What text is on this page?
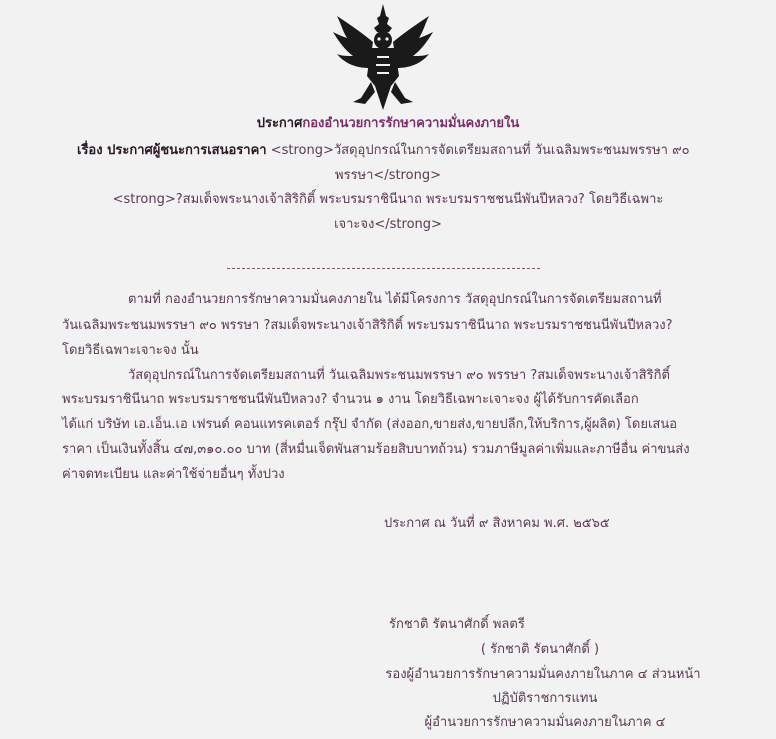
ประกาศกองอำนวยการรักษาความมั่นคงภายใน
เรื่อง ประกาศผู้ชนะการเสนอราคา <strong>วัสดุอุปกรณ์ในการจัดเตรียมสถานที่ วันเฉลิมพระชนมพรรษา ๙๐
พรรษา</strong>
<strong>?สมเด็จพระนางเจ้าสิริกิติ์ พระบรมราชินีนาถ พระบรมราชชนนีพันปีหลวง? โดยวิธีเฉพาะ
เจาะจง</strong>
ตามที่ กองอำนวยการรักษาความมั่นคงภายใน ได้มีโครงการ วัสดุอุปกรณ์ในการจัดเตรียมสถานที่
วันเฉลิมพระชนมพรรษา ๙๐ พรรษา ?สมเด็จพระนางเจ้าสิริกิติ์ พระบรมราชินีนาถ พระบรมราชชนนีพันปีหลวง?
โดยวิธีเฉพาะเจาะจง นั้น
วัสดุอุปกรณ์ในการจัดเตรียมสถานที่ วันเฉลิมพระชนมพรรษา ๙๐ พรรษา ?สมเด็จพระนางเจ้าสิริกิติ์
พระบรมราชินีนาถ พระบรมราชชนนีพันปีหลวง? จำนวน ๑ งาน โดยวิธีเฉพาะเจาะจง ผู้ได้รับการคัดเลือก
ได้แก่ บริษัท เอ.เอ็น.เอ เฟรนด์ คอนแทรคเตอร์ กรุ๊ป จำกัด (ส่งออก,ขายส่ง,ขายปลีก,ให้บริการ,ผู้ผลิต) โดยเสนอ
ราคา เป็นเงินทั้งสิ้น ๔๗,๓๑๐.๐๐ บาท (สี่หมื่นเจ็ดพันสามร้อยสิบบาทถ้วน) รวมภาษีมูลค่าเพิ่มและภาษีอื่น ค่าขนส่ง
ค่าจดทะเบียน และค่าใช้จ่ายอื่นๆ ทั้งปวง
ประกาศ ณ วันที่ ๙ สิงหาคม พ.ศ. ๒๕๖๕
รักชาติ รัตนาศักดิ์ พลตรี
( รักชาติ รัตนาศักดิ์ )
รองผู้อำนวยการรักษาความมั่นคงภายในภาค ๔ ส่วนหน้า
ปฏิบัติราชการแทน
ผู้อำนวยการรักษาความมั่นคงภายในภาค ๔
